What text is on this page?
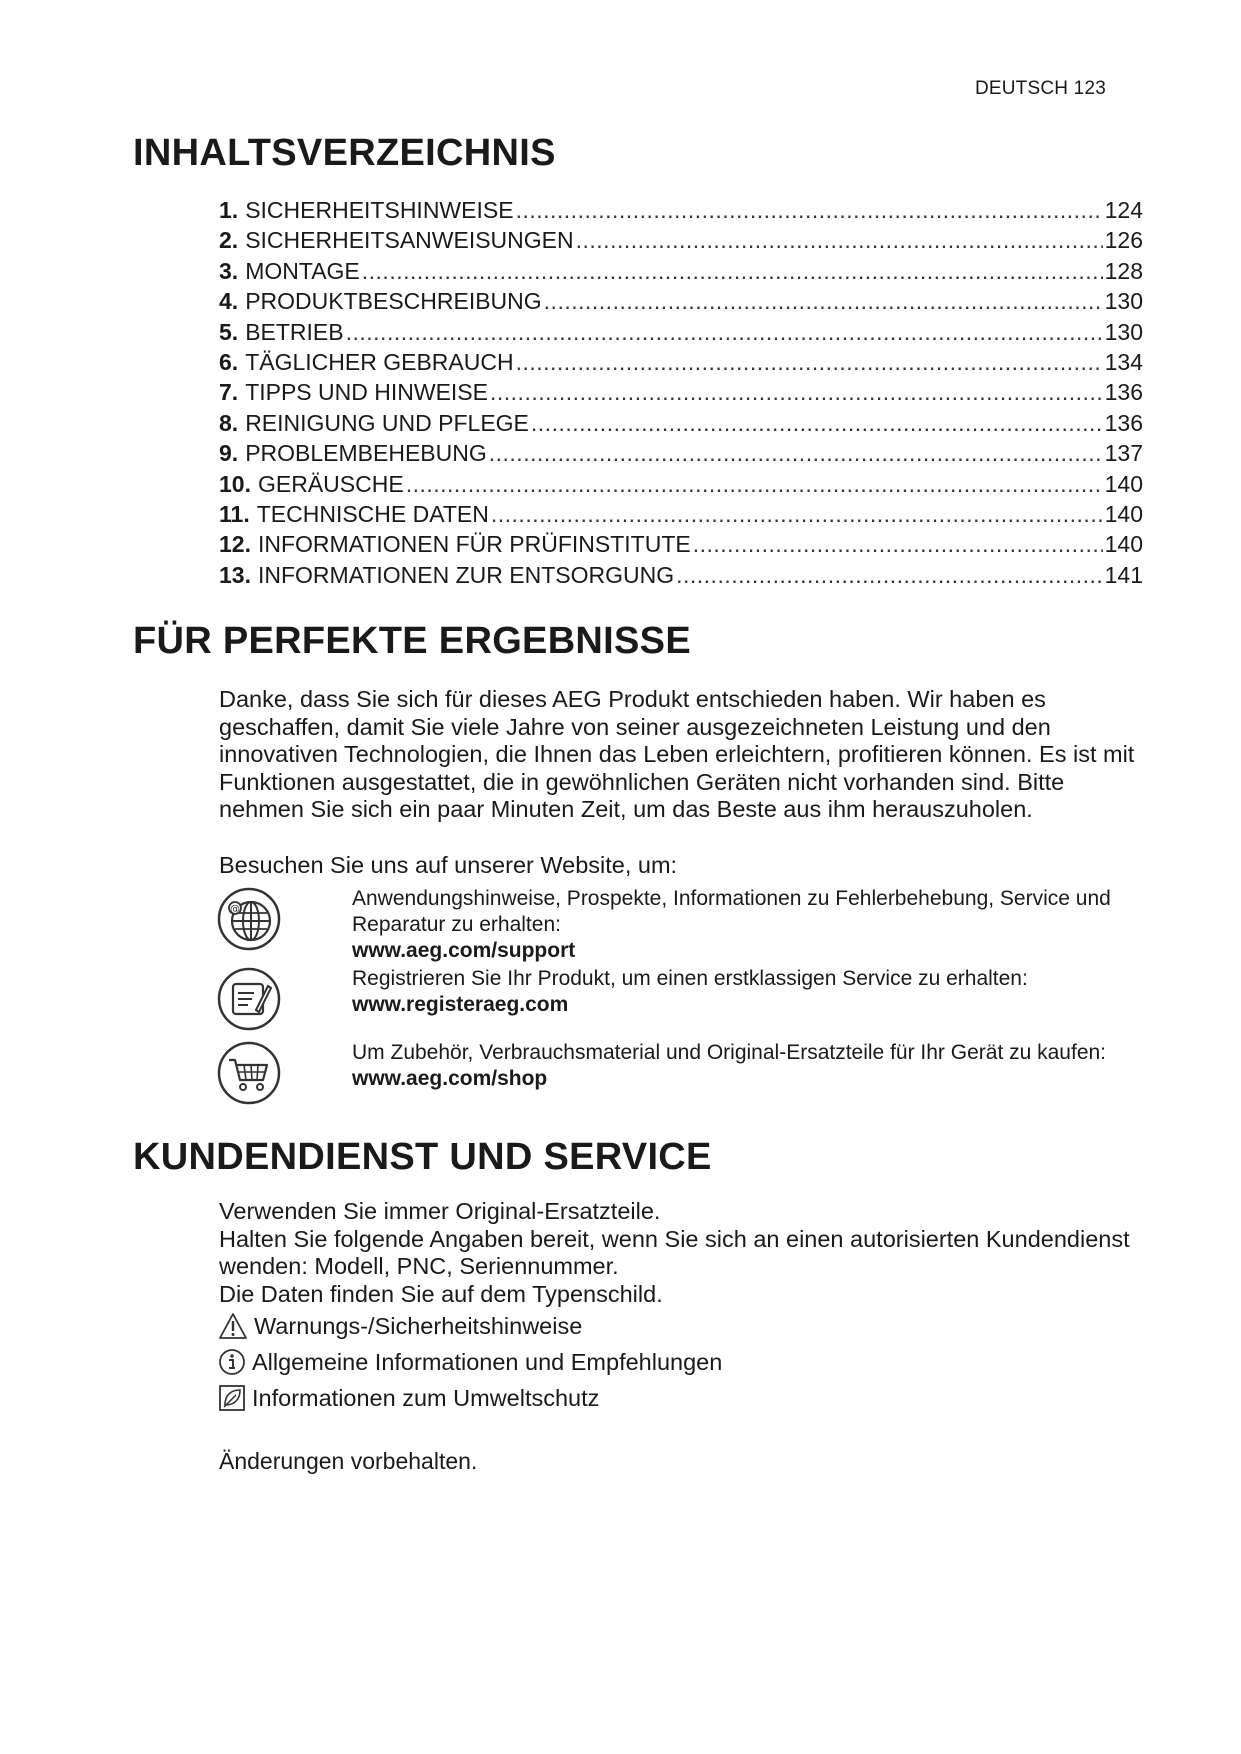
DEUTSCH 123
INHALTSVERZEICHNIS
1. SICHERHEITSHINWEISE .....	124
2. SICHERHEITSANWEISUNGEN .....	126
3. MONTAGE .....	128
4. PRODUKTBESCHREIBUNG .....	130
5. BETRIEB .....	130
6. TÄGLICHER GEBRAUCH .....	134
7. TIPPS UND HINWEISE .....	136
8. REINIGUNG UND PFLEGE .....	136
9. PROBLEMBEHEBUNG .....	137
10. GERÄUSCHE .....	140
11. TECHNISCHE DATEN .....	140
12. INFORMATIONEN FÜR PRÜFINSTITUTE .....	140
13. INFORMATIONEN ZUR ENTSORGUNG .....	141
FÜR PERFEKTE ERGEBNISSE

Danke, dass Sie sich für dieses AEG Produkt entschieden haben. Wir haben es geschaffen, damit Sie viele Jahre von seiner ausgezeichneten Leistung und den innovativen Technologien, die Ihnen das Leben erleichtern, profitieren können. Es ist mit Funktionen ausgestattet, die in gewöhnlichen Geräten nicht vorhanden sind. Bitte nehmen Sie sich ein paar Minuten Zeit, um das Beste aus ihm herauszuholen.

Besuchen Sie uns auf unserer Website, um:

@	Anwendungshinweise, Prospekte, Informationen zu Fehlerbehebung, Service und Reparatur zu erhalten:
www.aeg.com/support
Registrieren Sie Ihr Produkt, um einen erstklassigen Service zu erhalten:
www.registeraeg.com
Um Zubehör, Verbrauchsmaterial und Original-Ersatzteile für Ihr Gerät zu kaufen:
www.aeg.com/shop
KUNDENDIENST UND SERVICE

Verwenden Sie immer Original-Ersatzteile.
Halten Sie folgende Angaben bereit, wenn Sie sich an einen autorisierten Kundendienst wenden: Modell, PNC, Seriennummer.
Die Daten finden Sie auf dem Typenschild.

Warnungs-/Sicherheitshinweise
Allgemeine Informationen und Empfehlungen
Informationen zum Umweltschutz
Änderungen vorbehalten.
